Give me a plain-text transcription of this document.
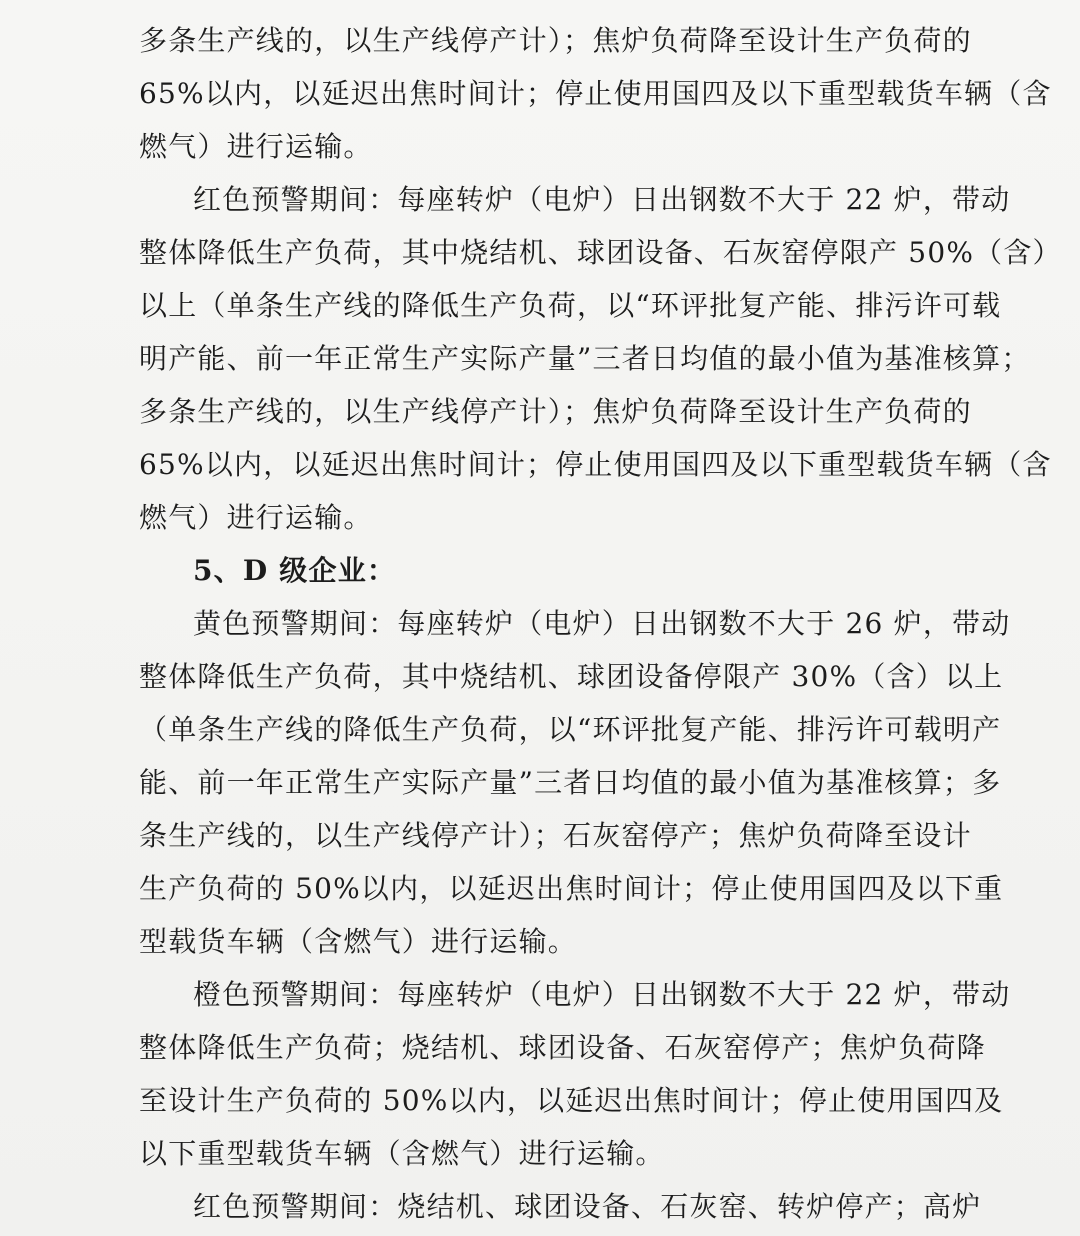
多条生产线的，以生产线停产计）；焦炉负荷降至设计生产负荷的
65%以内，以延迟出焦时间计；停止使用国四及以下重型载货车辆（含
燃气）进行运输。
红色预警期间：每座转炉（电炉）日出钢数不大于 22 炉，带动
整体降低生产负荷，其中烧结机、球团设备、石灰窑停限产 50%（含）
以上（单条生产线的降低生产负荷，以“环评批复产能、排污许可载
明产能、前一年正常生产实际产量”三者日均值的最小值为基准核算；
多条生产线的，以生产线停产计）；焦炉负荷降至设计生产负荷的
65%以内，以延迟出焦时间计；停止使用国四及以下重型载货车辆（含
燃气）进行运输。
5、D 级企业：
黄色预警期间：每座转炉（电炉）日出钢数不大于 26 炉，带动
整体降低生产负荷，其中烧结机、球团设备停限产 30%（含）以上
（单条生产线的降低生产负荷，以“环评批复产能、排污许可载明产
能、前一年正常生产实际产量”三者日均值的最小值为基准核算；多
条生产线的，以生产线停产计）；石灰窑停产；焦炉负荷降至设计
生产负荷的 50%以内，以延迟出焦时间计；停止使用国四及以下重
型载货车辆（含燃气）进行运输。
橙色预警期间：每座转炉（电炉）日出钢数不大于 22 炉，带动
整体降低生产负荷；烧结机、球团设备、石灰窑停产；焦炉负荷降
至设计生产负荷的 50%以内，以延迟出焦时间计；停止使用国四及
以下重型载货车辆（含燃气）进行运输。
红色预警期间：烧结机、球团设备、石灰窑、转炉停产；高炉
